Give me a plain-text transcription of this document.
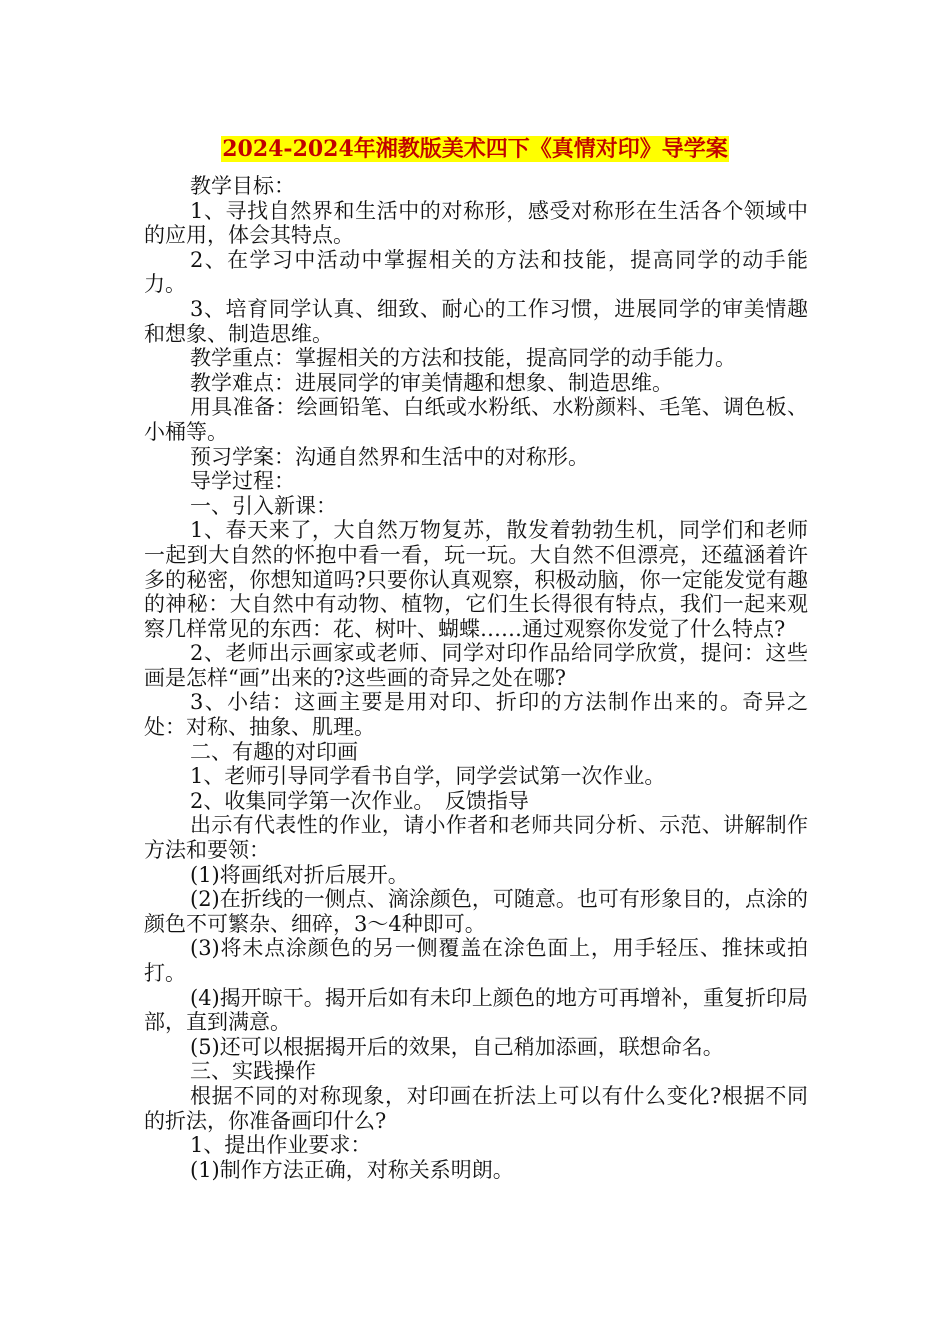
2024-2024年湘教版美术四下《真情对印》导学案

教学目标：

1、寻找自然界和生活中的对称形，感受对称形在生活各个领域中的应用，体会其特点。

2、在学习中活动中掌握相关的方法和技能，提高同学的动手能力。

3、培育同学认真、细致、耐心的工作习惯，进展同学的审美情趣和想象、制造思维。

教学重点：掌握相关的方法和技能，提高同学的动手能力。

教学难点：进展同学的审美情趣和想象、制造思维。

用具准备：绘画铅笔、白纸或水粉纸、水粉颜料、毛笔、调色板、小桶等。

预习学案：沟通自然界和生活中的对称形。

导学过程：

一、引入新课：

1、春天来了，大自然万物复苏，散发着勃勃生机，同学们和老师一起到大自然的怀抱中看一看，玩一玩。大自然不但漂亮，还蕴涵着许多的秘密，你想知道吗?只要你认真观察，积极动脑，你一定能发觉有趣的神秘：大自然中有动物、植物，它们生长得很有特点，我们一起来观察几样常见的东西：花、树叶、蝴蝶……通过观察你发觉了什么特点?

2、老师出示画家或老师、同学对印作品给同学欣赏，提问：这些画是怎样“画”出来的?这些画的奇异之处在哪?

3、小结：这画主要是用对印、折印的方法制作出来的。奇异之处：对称、抽象、肌理。

二、有趣的对印画

1、老师引导同学看书自学，同学尝试第一次作业。

2、收集同学第一次作业。　反馈指导

出示有代表性的作业，请小作者和老师共同分析、示范、讲解制作方法和要领：

(1)将画纸对折后展开。

(2)在折线的一侧点、滴涂颜色，可随意。也可有形象目的，点涂的颜色不可繁杂、细碎，3～4种即可。

(3)将未点涂颜色的另一侧覆盖在涂色面上，用手轻压、推抹或拍打。

(4)揭开晾干。揭开后如有未印上颜色的地方可再增补，重复折印局部，直到满意。

(5)还可以根据揭开后的效果，自己稍加添画，联想命名。

三、实践操作

根据不同的对称现象，对印画在折法上可以有什么变化?根据不同的折法，你准备画印什么?

1、提出作业要求：

(1)制作方法正确，对称关系明朗。
